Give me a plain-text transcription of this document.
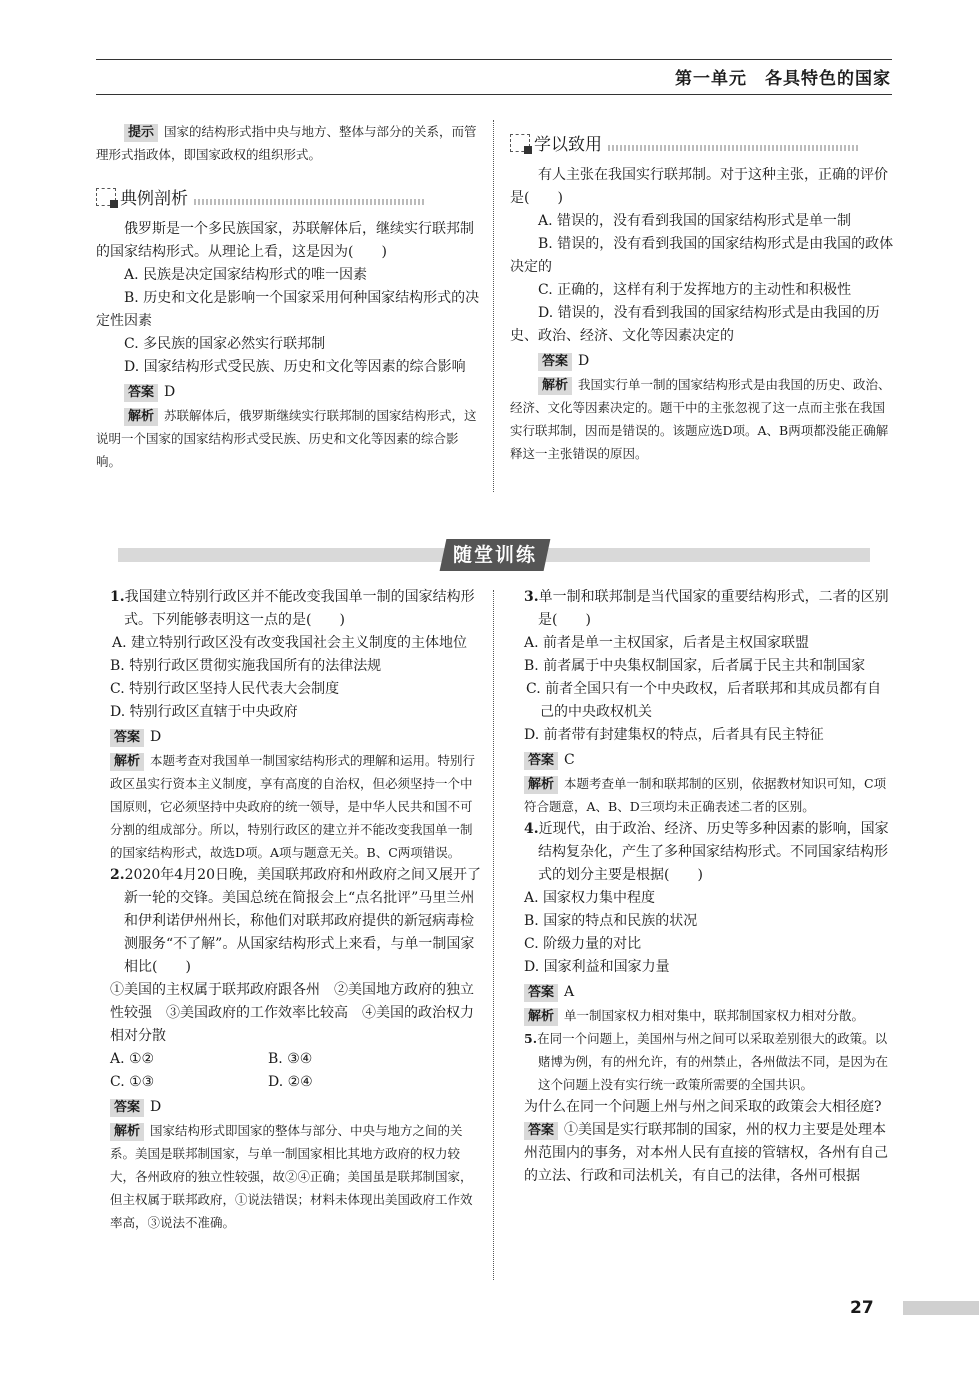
第一单元　各具特色的国家

提示 国家的结构形式指中央与地方、整体与部分的关系，而管理形式指政体，即国家政权的组织形式。

典例剖析

俄罗斯是一个多民族国家，苏联解体后，继续实行联邦制的国家结构形式。从理论上看，这是因为(　　)

A. 民族是决定国家结构形式的唯一因素

B. 历史和文化是影响一个国家采用何种国家结构形式的决定性因素

C. 多民族的国家必然实行联邦制

D. 国家结构形式受民族、历史和文化等因素的综合影响

答案 D

解析 苏联解体后，俄罗斯继续实行联邦制的国家结构形式，这说明一个国家的国家结构形式受民族、历史和文化等因素的综合影响。

学以致用

有人主张在我国实行联邦制。对于这种主张，正确的评价是(　　)

A. 错误的，没有看到我国的国家结构形式是单一制

B. 错误的，没有看到我国的国家结构形式是由我国的政体决定的

C. 正确的，这样有利于发挥地方的主动性和积极性

D. 错误的，没有看到我国的国家结构形式是由我国的历史、政治、经济、文化等因素决定的

答案 D

解析 我国实行单一制的国家结构形式是由我国的历史、政治、经济、文化等因素决定的。题干中的主张忽视了这一点而主张在我国实行联邦制，因而是错误的。该题应选D项。A、B两项都没能正确解释这一主张错误的原因。

随堂训练

1.我国建立特别行政区并不能改变我国单一制的国家结构形式。下列能够表明这一点的是(　　)

A. 建立特别行政区没有改变我国社会主义制度的主体地位

B. 特别行政区贯彻实施我国所有的法律法规

C. 特别行政区坚持人民代表大会制度

D. 特别行政区直辖于中央政府

答案 D

解析 本题考查对我国单一制国家结构形式的理解和运用。特别行政区虽实行资本主义制度，享有高度的自治权，但必须坚持一个中国原则，它必须坚持中央政府的统一领导，是中华人民共和国不可分割的组成部分。所以，特别行政区的建立并不能改变我国单一制的国家结构形式，故选D项。A项与题意无关。B、C两项错误。

2.2020年4月20日晚，美国联邦政府和州政府之间又展开了新一轮的交锋。美国总统在简报会上“点名批评”马里兰州和伊利诺伊州州长，称他们对联邦政府提供的新冠病毒检测服务“不了解”。从国家结构形式上来看，与单一制国家相比(　　)

①美国的主权属于联邦政府跟各州　②美国地方政府的独立性较强　③美国政府的工作效率比较高　④美国的政治权力相对分散

A. ①②	B. ③④
C. ①③	D. ②④

答案 D

解析 国家结构形式即国家的整体与部分、中央与地方之间的关系。美国是联邦制国家，与单一制国家相比其地方政府的权力较大，各州政府的独立性较强，故②④正确；美国虽是联邦制国家，但主权属于联邦政府，①说法错误；材料未体现出美国政府工作效率高，③说法不准确。

3.单一制和联邦制是当代国家的重要结构形式，二者的区别是(　　)

A. 前者是单一主权国家，后者是主权国家联盟

B. 前者属于中央集权制国家，后者属于民主共和制国家

C. 前者全国只有一个中央政权，后者联邦和其成员都有自己的中央政权机关

D. 前者带有封建集权的特点，后者具有民主特征

答案 C

解析 本题考查单一制和联邦制的区别，依据教材知识可知，C项符合题意，A、B、D三项均未正确表述二者的区别。

4.近现代，由于政治、经济、历史等多种因素的影响，国家结构复杂化，产生了多种国家结构形式。不同国家结构形式的划分主要是根据(　　)

A. 国家权力集中程度

B. 国家的特点和民族的状况

C. 阶级力量的对比

D. 国家利益和国家力量

答案 A

解析 单一制国家权力相对集中，联邦制国家权力相对分散。

5.在同一个问题上，美国州与州之间可以采取差别很大的政策。以赌博为例，有的州允许，有的州禁止，各州做法不同，是因为在这个问题上没有实行统一政策所需要的全国共识。

为什么在同一个问题上州与州之间采取的政策会大相径庭?

答案 ①美国是实行联邦制的国家，州的权力主要是处理本州范围内的事务，对本州人民有直接的管辖权，各州有自己的立法、行政和司法机关，有自己的法律，各州可根据

27
